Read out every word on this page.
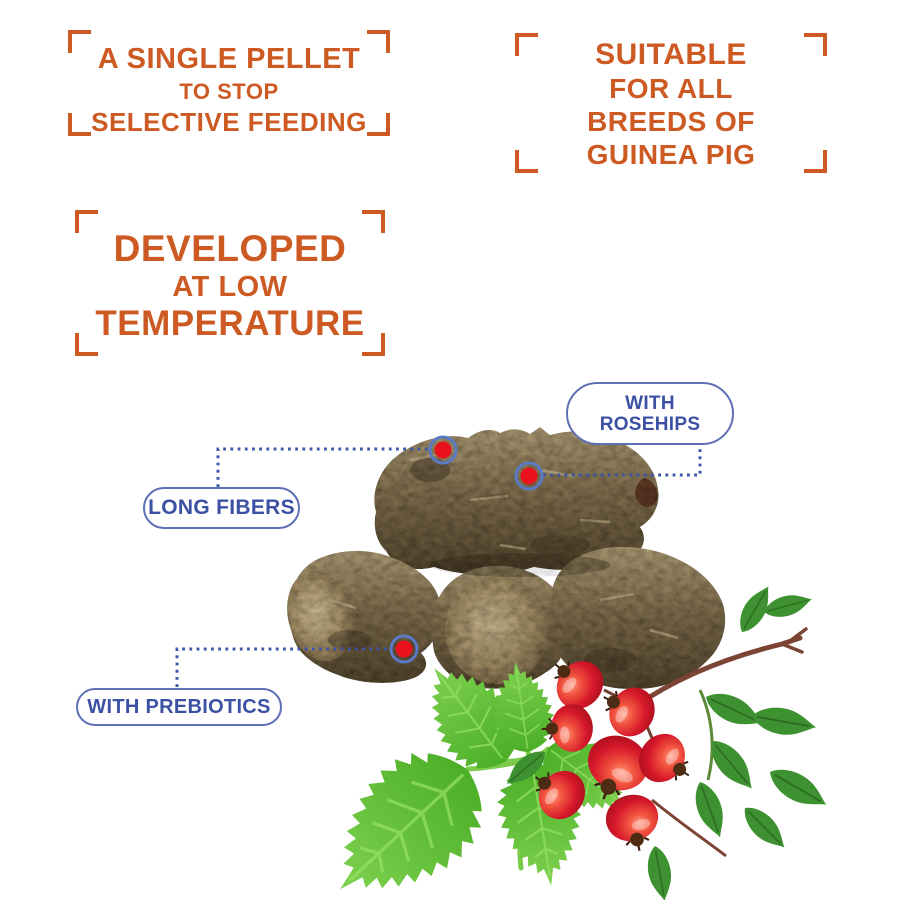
A SINGLE PELLET
TO STOP
SELECTIVE FEEDING
SUITABLE
FOR ALL
BREEDS OF
GUINEA PIG
DEVELOPED
AT LOW
TEMPERATURE
WITH
ROSEHIPS
LONG FIBERS
WITH PREBIOTICS
